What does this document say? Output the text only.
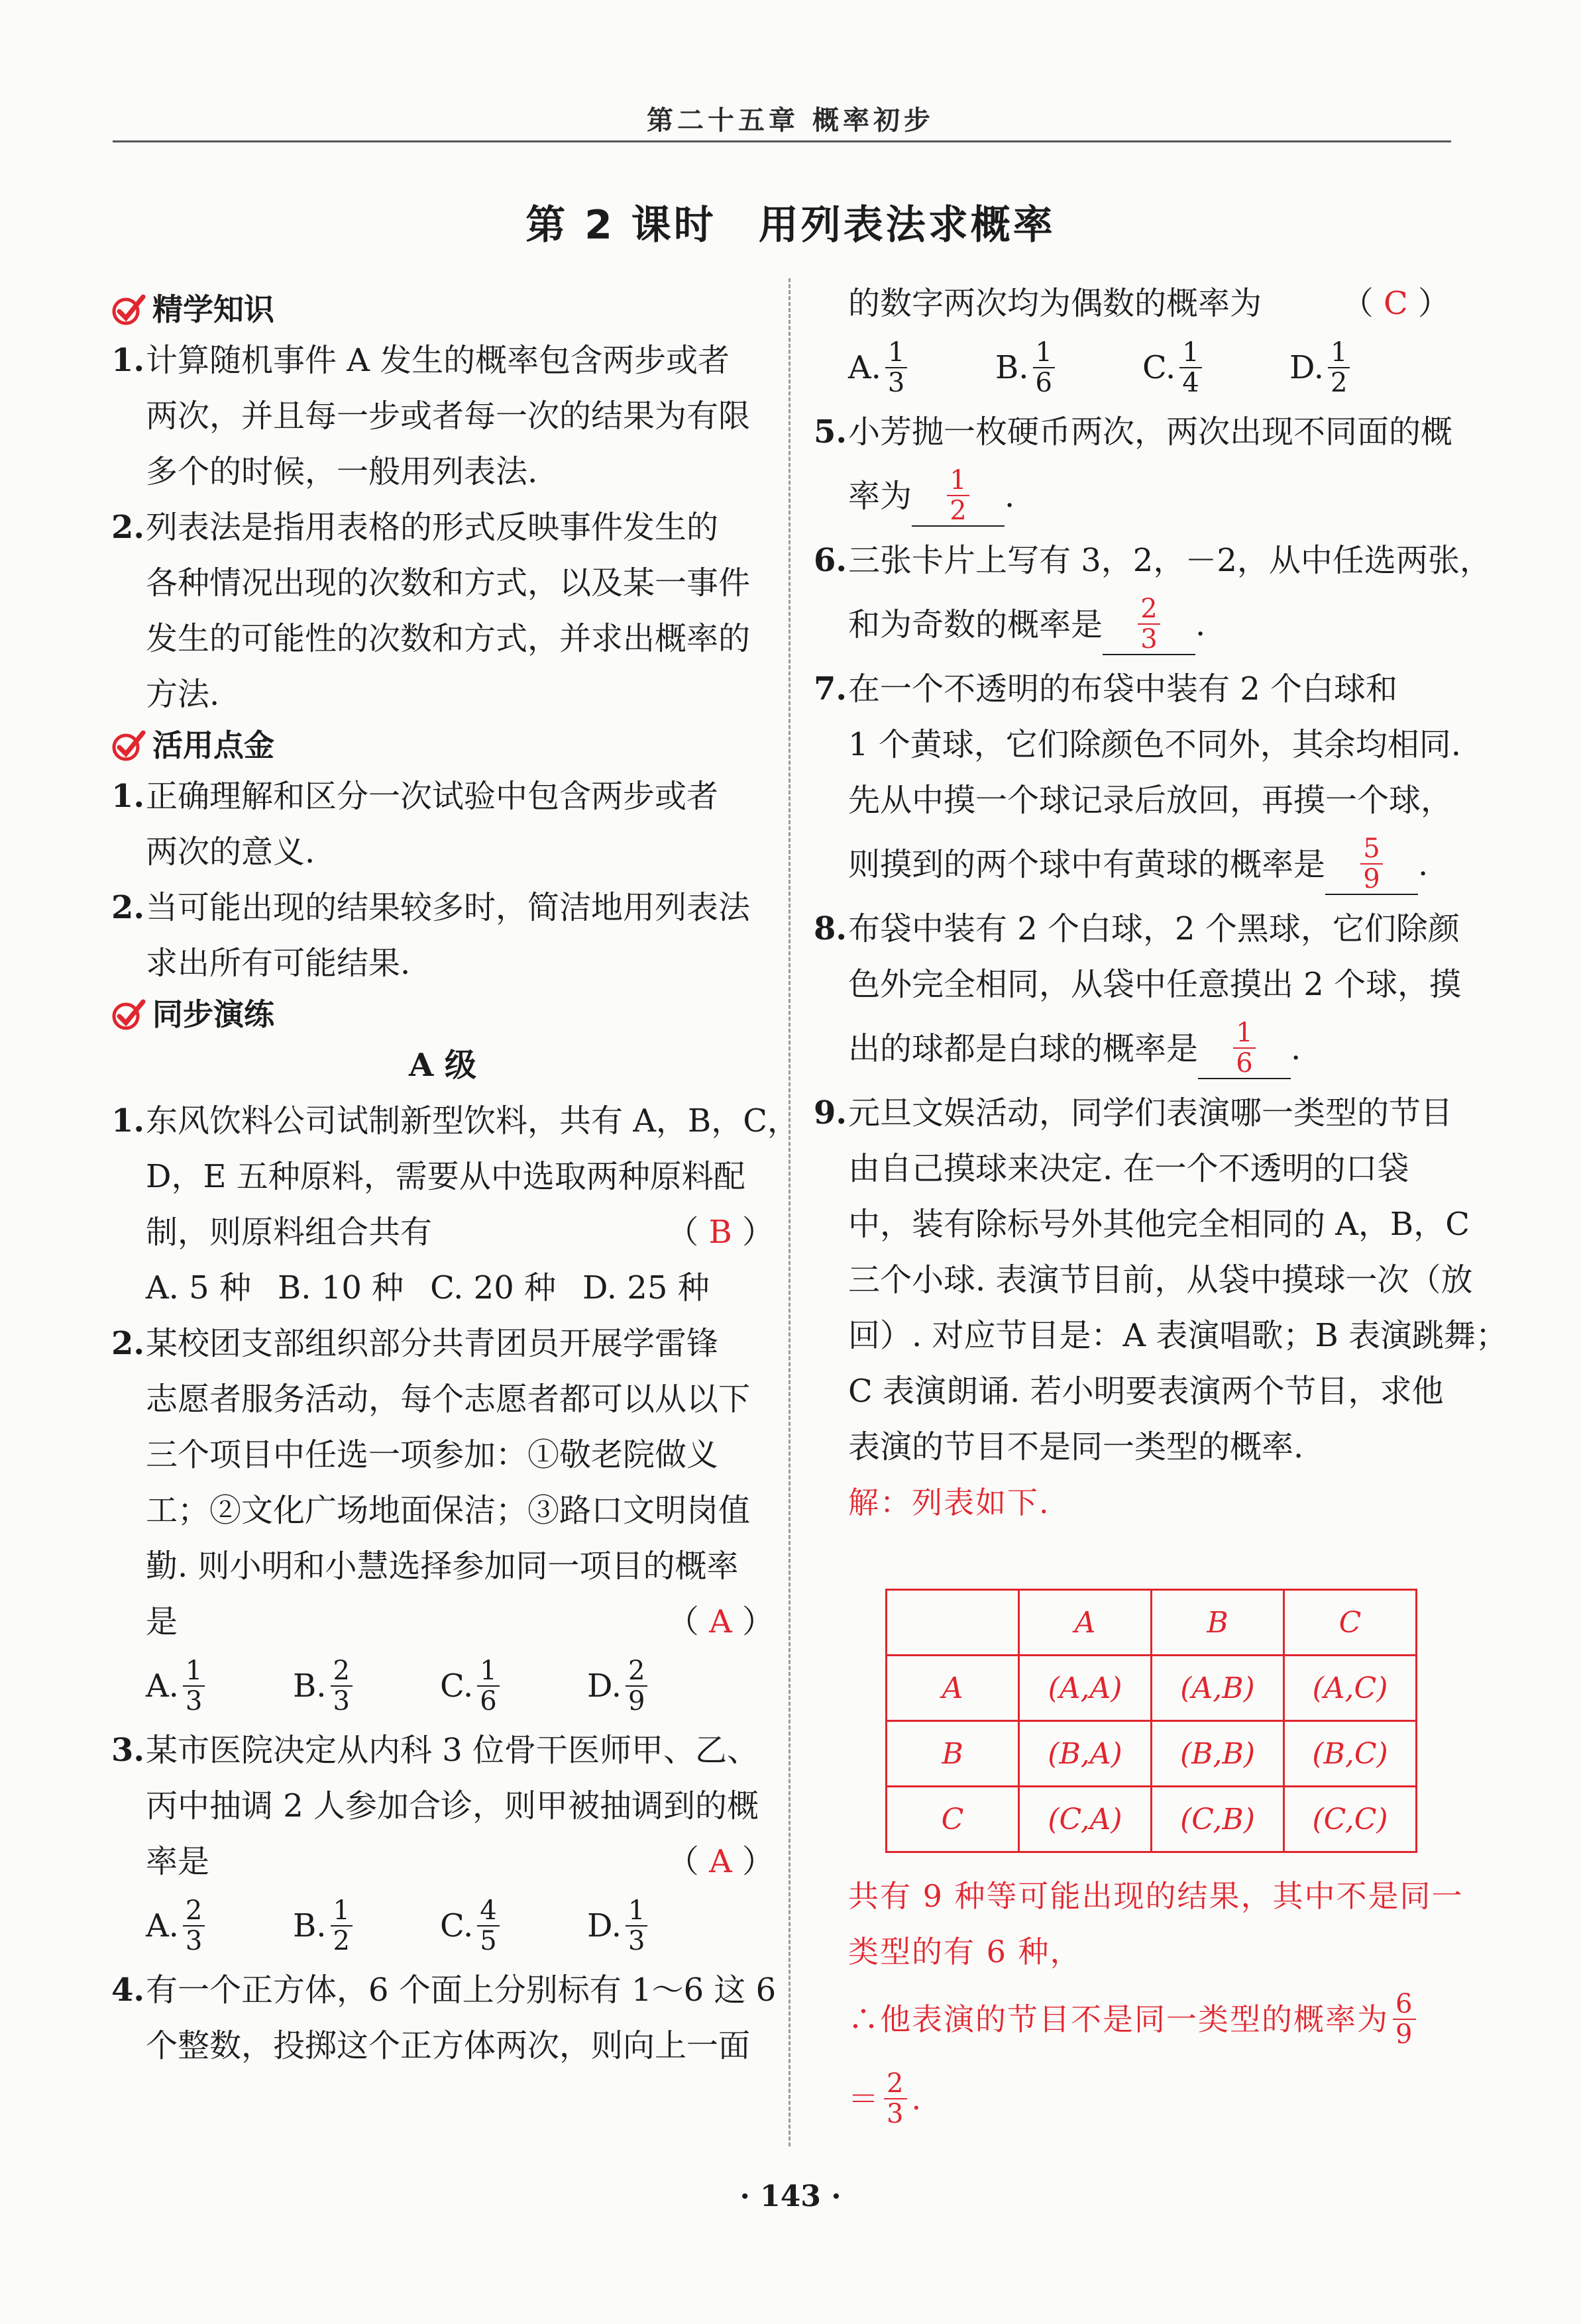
第二十五章 概率初步
第 2 课时　用列表法求概率
精学知识
1.计算随机事件 A 发生的概率包含两步或者
两次，并且每一步或者每一次的结果为有限
多个的时候，一般用列表法.
2.列表法是指用表格的形式反映事件发生的
各种情况出现的次数和方式，以及某一事件
发生的可能性的次数和方式，并求出概率的
方法.
活用点金
1.正确理解和区分一次试验中包含两步或者
两次的意义.
2.当可能出现的结果较多时，简洁地用列表法
求出所有可能结果.
同步演练
A 级
1.东风饮料公司试制新型饮料，共有 A，B，C，
D，E 五种原料，需要从中选取两种原料配
制，则原料组合共有	（ B ）
A. 5 种 B. 10 种 C. 20 种 D. 25 种
2.某校团支部组织部分共青团员开展学雷锋
志愿者服务活动，每个志愿者都可以从以下
三个项目中任选一项参加：①敬老院做义
工；②文化广场地面保洁；③路口文明岗值
勤. 则小明和小慧选择参加同一项目的概率
是	（ A ）
A. $\frac{1}{3}$	B. $\frac{2}{3}$	C. $\frac{1}{6}$	D. $\frac{2}{9}$
3.某市医院决定从内科 3 位骨干医师甲、乙、
丙中抽调 2 人参加合诊，则甲被抽调到的概
率是	（ A ）
A. $\frac{2}{3}$	B. $\frac{1}{2}$	C. $\frac{4}{5}$	D. $\frac{1}{3}$
4.有一个正方体，6 个面上分别标有 1～6 这 6
个整数，投掷这个正方体两次，则向上一面
的数字两次均为偶数的概率为	（ C ）
A. $\frac{1}{3}$	B. $\frac{1}{6}$	C. $\frac{1}{4}$	D. $\frac{1}{2}$
5.小芳抛一枚硬币两次，两次出现不同面的概
率为 $\frac{1}{2}$ .
6.三张卡片上写有 3，2，－2，从中任选两张，
和为奇数的概率是 $\frac{2}{3}$ .
7.在一个不透明的布袋中装有 2 个白球和
1 个黄球，它们除颜色不同外，其余均相同.
先从中摸一个球记录后放回，再摸一个球，
则摸到的两个球中有黄球的概率是 $\frac{5}{9}$ .
8.布袋中装有 2 个白球，2 个黑球，它们除颜
色外完全相同，从袋中任意摸出 2 个球，摸
出的球都是白球的概率是 $\frac{1}{6}$ .
9.元旦文娱活动，同学们表演哪一类型的节目
由自己摸球来决定. 在一个不透明的口袋
中，装有除标号外其他完全相同的 A，B，C
三个小球. 表演节目前，从袋中摸球一次（放
回）. 对应节目是：A 表演唱歌；B 表演跳舞；
C 表演朗诵. 若小明要表演两个节目，求他
表演的节目不是同一类型的概率.
解：列表如下.
	A	B	C
A	(A,A)	(A,B)	(A,C)
B	(B,A)	(B,B)	(B,C)
C	(C,A)	(C,B)	(C,C)
共有 9 种等可能出现的结果，其中不是同一
类型的有 6 种，
∴他表演的节目不是同一类型的概率为 $\frac{6}{9}$
＝ $\frac{2}{3}$ .
· 143 ·
